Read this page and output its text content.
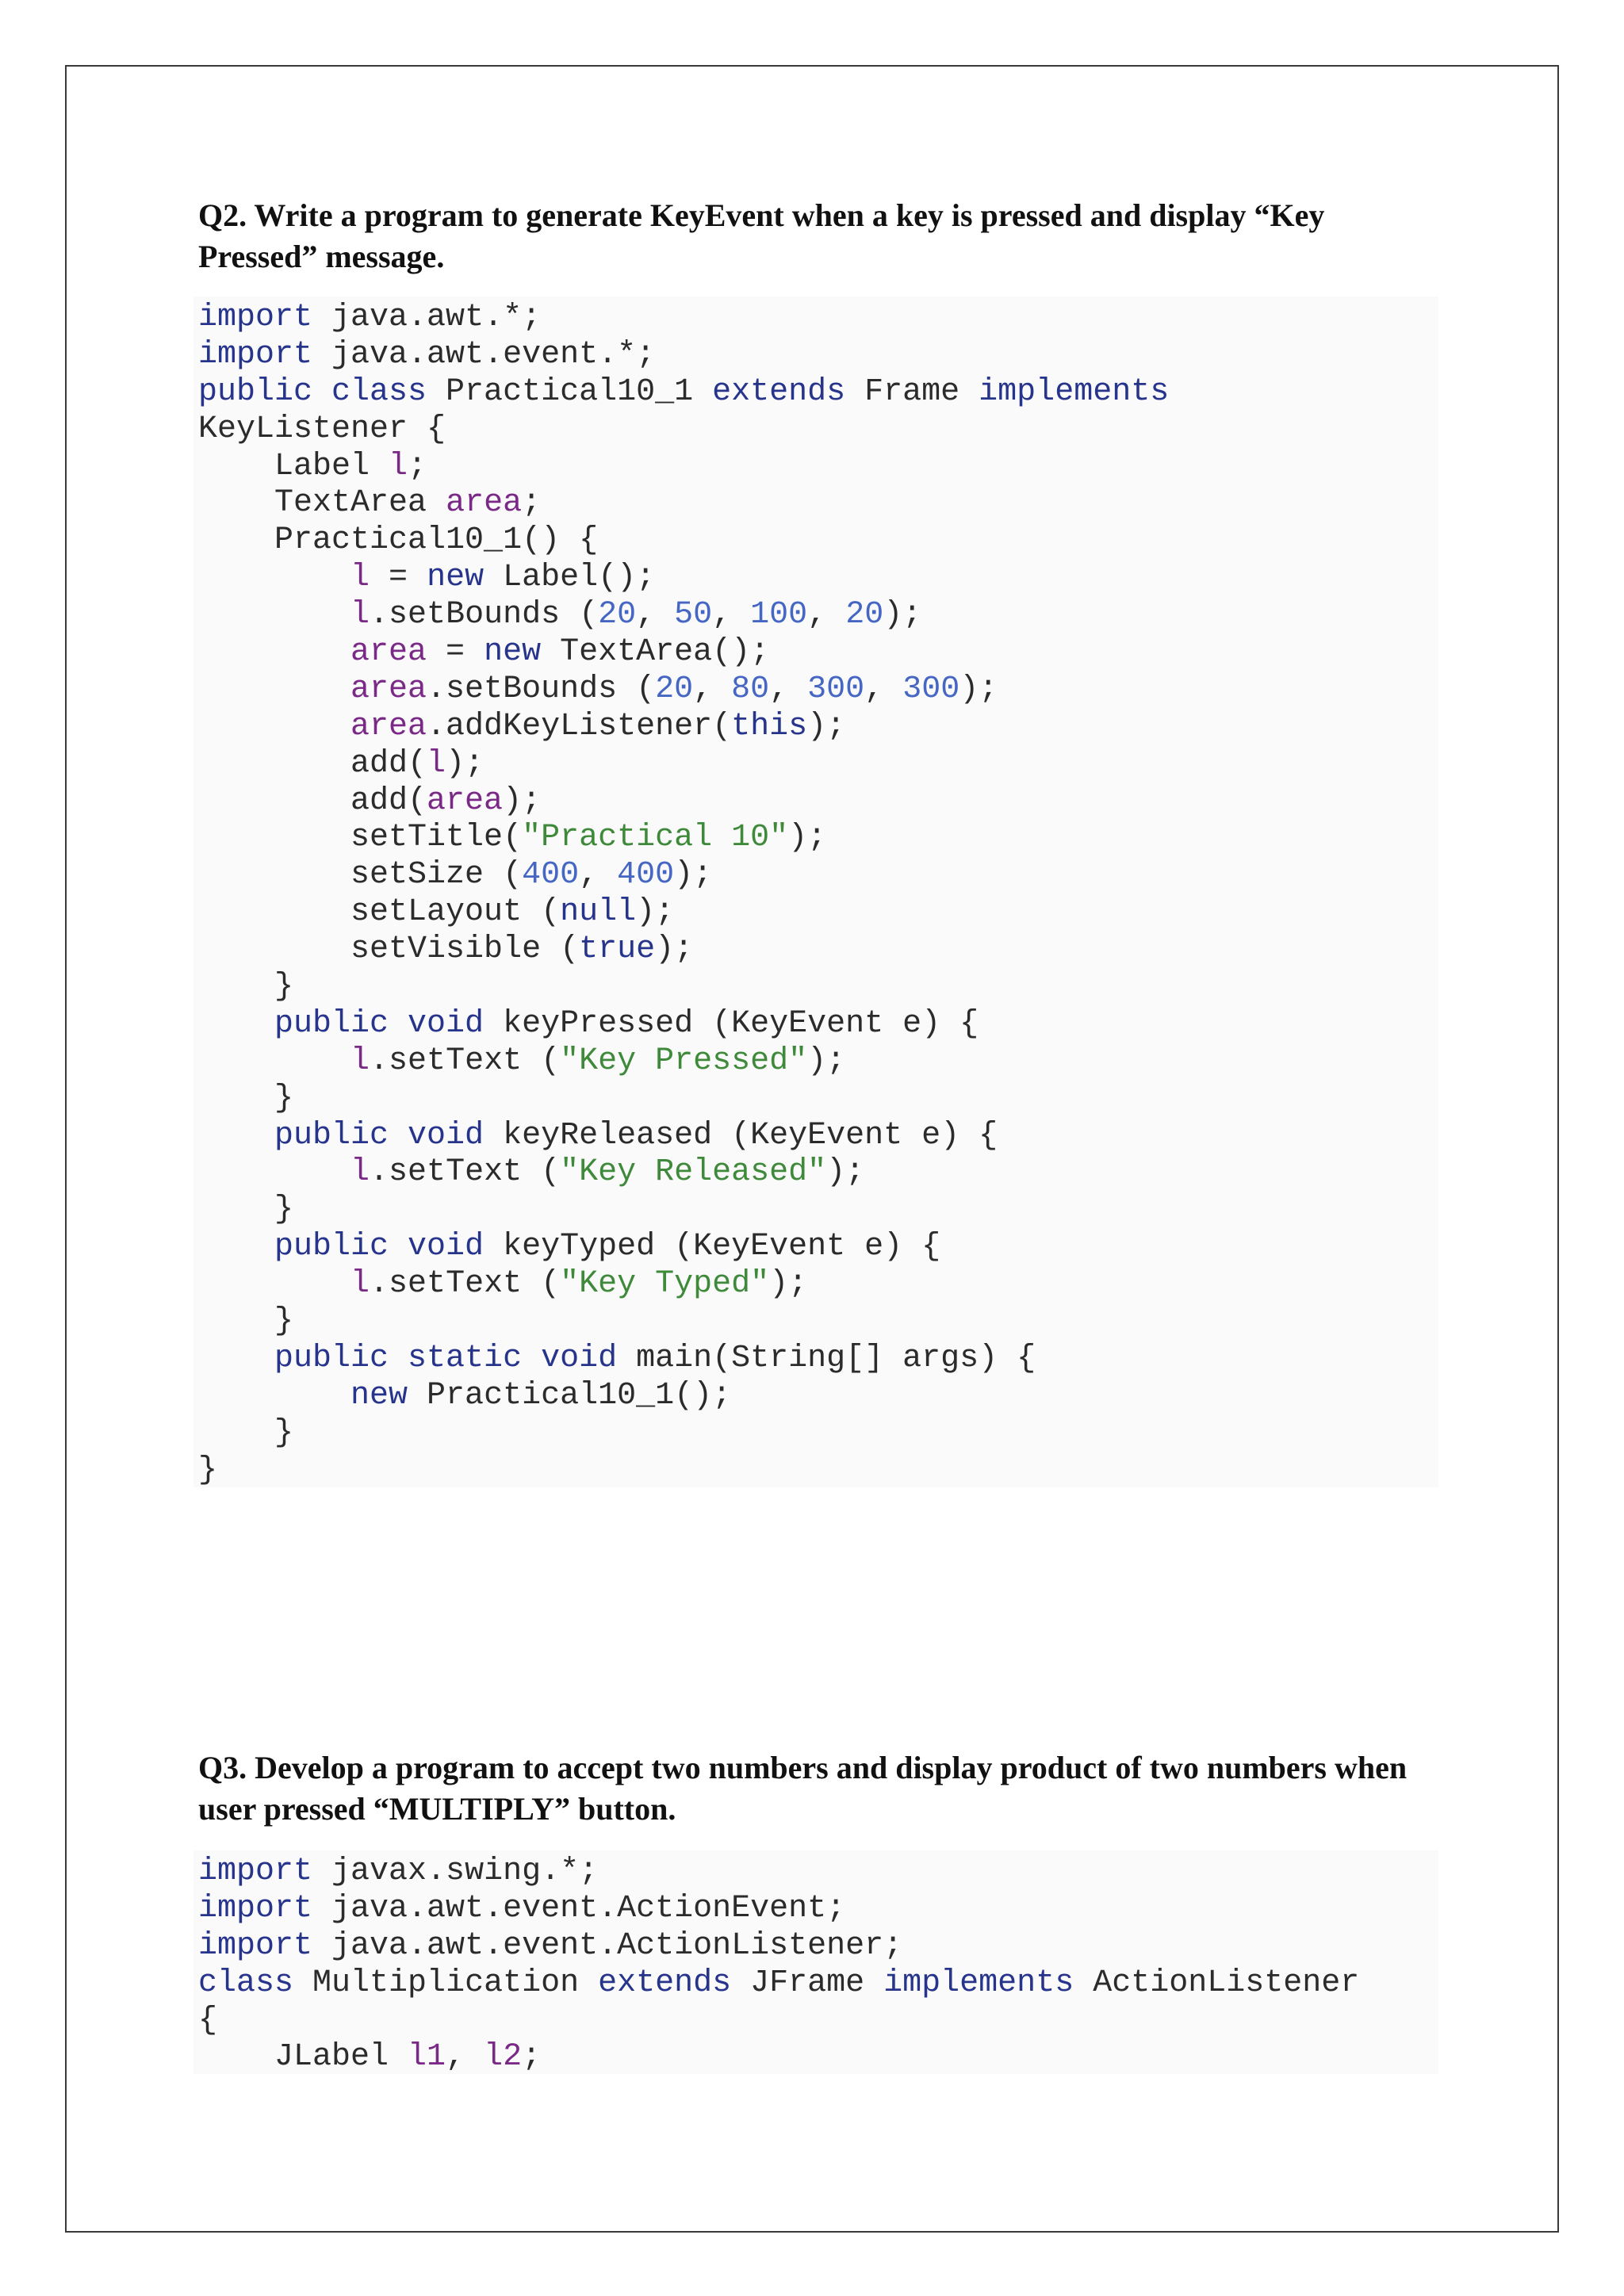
Q2. Write a program to generate KeyEvent when a key is pressed and display “Key Pressed” message.
import java.awt.*;
import java.awt.event.*;
public class Practical10_1 extends Frame implements
KeyListener {
Label l;
TextArea area;
Practical10_1() {
l = new Label();
l.setBounds (20, 50, 100, 20);
area = new TextArea();
area.setBounds (20, 80, 300, 300);
area.addKeyListener(this);
add(l);
add(area);
setTitle("Practical 10");
setSize (400, 400);
setLayout (null);
setVisible (true);
}
public void keyPressed (KeyEvent e) {
l.setText ("Key Pressed");
}
public void keyReleased (KeyEvent e) {
l.setText ("Key Released");
}
public void keyTyped (KeyEvent e) {
l.setText ("Key Typed");
}
public static void main(String[] args) {
new Practical10_1();
}
}
Q3. Develop a program to accept two numbers and display product of two numbers when user pressed “MULTIPLY” button.
import javax.swing.*;
import java.awt.event.ActionEvent;
import java.awt.event.ActionListener;
class Multiplication extends JFrame implements ActionListener
{
JLabel l1, l2;
